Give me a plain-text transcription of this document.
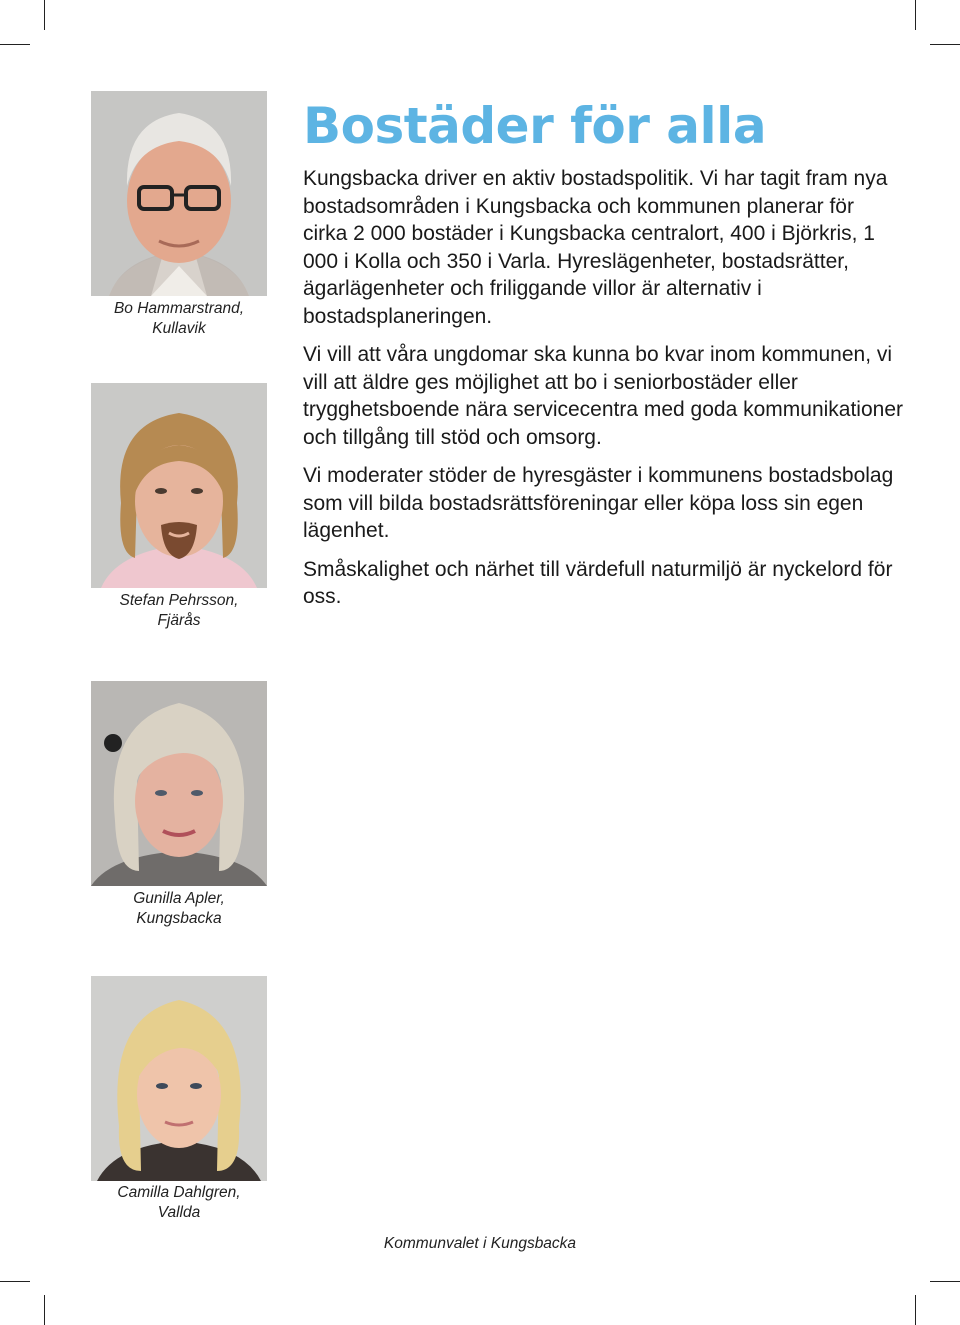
Bo Hammarstrand,
Kullavik
Stefan Pehrsson,
Fjärås
Gunilla Apler,
Kungsbacka
Camilla Dahlgren,
Vallda
Bostäder för alla

Kungsbacka driver en aktiv bostadspolitik. Vi har tagit fram nya bostadsområden i Kungsbacka och kommunen planerar för cirka 2 000 bostäder i Kungsbacka centralort, 400 i Björkris, 1 000 i Kolla och 350 i Varla. Hyreslägenheter, bostadsrätter, ägarlägenheter och friliggande villor är alternativ i bostadsplaneringen.

Vi vill att våra ungdomar ska kunna bo kvar inom kommunen, vi vill att äldre ges möjlighet att bo i seniorbostäder eller trygghetsboende nära servicecentra med goda kommunikationer och tillgång till stöd och omsorg.

Vi moderater stöder de hyresgäster i kommunens bostadsbolag som vill bilda bostadsrättsföreningar eller köpa loss sin egen lägenhet.

Småskalighet och närhet till värdefull naturmiljö är nyckelord för oss.

Kommunvalet i Kungsbacka
